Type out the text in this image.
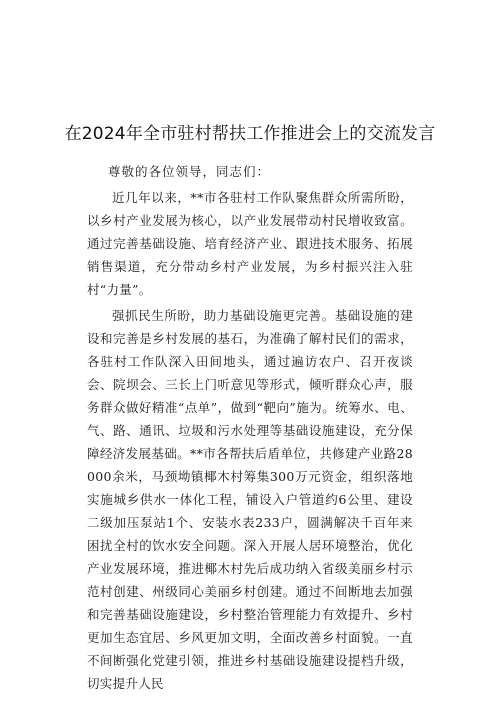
在2024年全市驻村帮扶工作推进会上的交流发言
尊敬的各位领导，同志们：

近几年以来，**市各驻村工作队聚焦群众所需所盼，以乡村产业发展为核心，以产业发展带动村民增收致富。通过完善基础设施、培育经济产业、跟进技术服务、拓展销售渠道，充分带动乡村产业发展，为乡村振兴注入驻村“力量”。

强抓民生所盼，助力基础设施更完善。基础设施的建设和完善是乡村发展的基石，为准确了解村民们的需求，各驻村工作队深入田间地头，通过遍访农户、召开夜谈会、院坝会、三长上门听意见等形式，倾听群众心声，服务群众做好精准“点单”，做到“靶向”施为。统筹水、电、气、路、通讯、垃圾和污水处理等基础设施建设，充分保障经济发展基础。**市各帮扶后盾单位，共修建产业路28000余米，马颈坳镇椰木村筹集300万元资金，组织落地实施城乡供水一体化工程，铺设入户管道约6公里、建设二级加压泵站1个、安装水表233户，圆满解决千百年来困扰全村的饮水安全问题。深入开展人居环境整治，优化产业发展环境，推进椰木村先后成功纳入省级美丽乡村示范村创建、州级同心美丽乡村创建。通过不间断地去加强和完善基础设施建设，乡村整治管理能力有效提升、乡村更加生态宜居、乡风更加文明，全面改善乡村面貌。一直不间断强化党建引领，推进乡村基础设施建设提档升级，切实提升人民
